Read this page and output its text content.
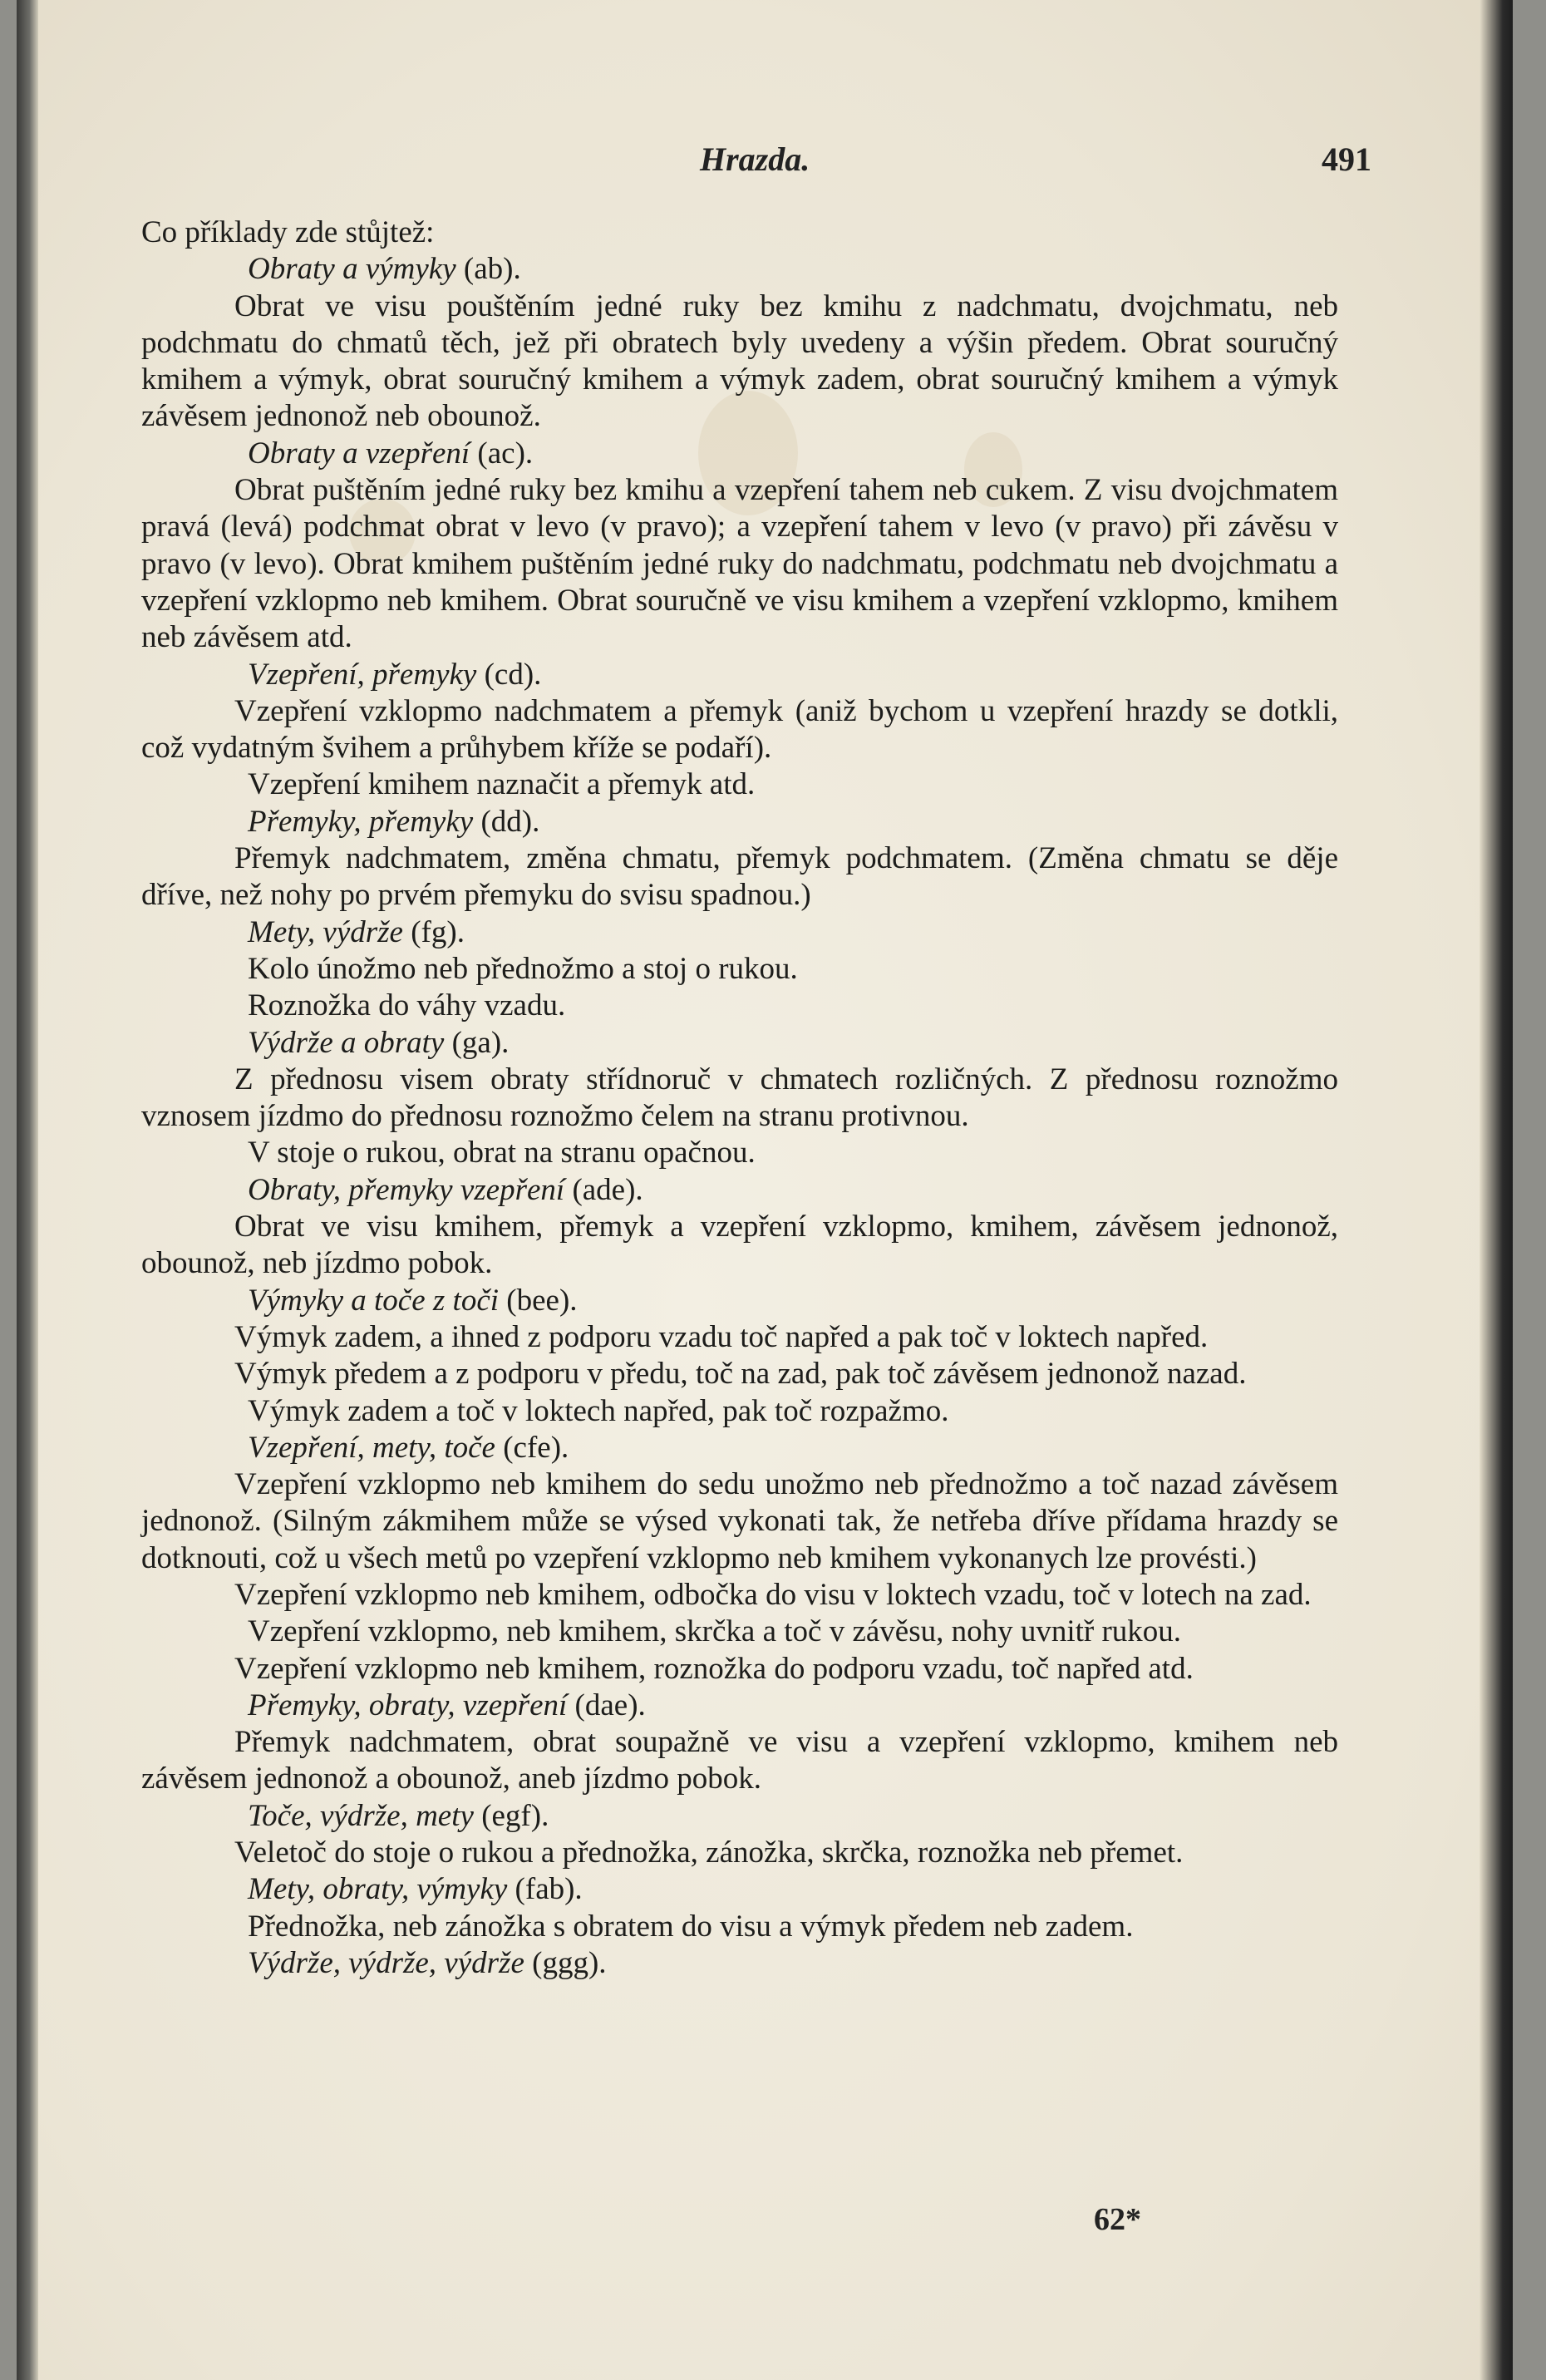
Hrazda.	491

Co příklady zde stůjtež:

Obraty a výmyky (ab).

Obrat ve visu pouštěním jedné ruky bez kmihu z nadchmatu, dvojchmatu, neb podchmatu do chmatů těch, jež při obratech byly uvedeny a výšin předem. Obrat souručný kmihem a výmyk, obrat souručný kmihem a výmyk zadem, obrat souručný kmihem a výmyk závěsem jednonož neb obounož.

Obraty a vzepření (ac).

Obrat puštěním jedné ruky bez kmihu a vzepření tahem neb cukem. Z visu dvojchmatem pravá (levá) podchmat obrat v levo (v pravo); a vzepření tahem v levo (v pravo) při závěsu v pravo (v levo). Obrat kmihem puštěním jedné ruky do nadchmatu, podchmatu neb dvojchmatu a vzepření vzklopmo neb kmihem. Obrat souručně ve visu kmihem a vzepření vzklopmo, kmihem neb závěsem atd.

Vzepření, přemyky (cd).

Vzepření vzklopmo nadchmatem a přemyk (aniž bychom u vzepření hrazdy se dotkli, což vydatným švihem a průhybem kříže se podaří).

Vzepření kmihem naznačit a přemyk atd.

Přemyky, přemyky (dd).

Přemyk nadchmatem, změna chmatu, přemyk podchmatem. (Změna chmatu se děje dříve, než nohy po prvém přemyku do svisu spadnou.)

Mety, výdrže (fg).

Kolo únožmo neb přednožmo a stoj o rukou.

Roznožka do váhy vzadu.

Výdrže a obraty (ga).

Z přednosu visem obraty střídnoruč v chmatech rozličných. Z přednosu roznožmo vznosem jízdmo do přednosu roznožmo čelem na stranu protivnou.

V stoje o rukou, obrat na stranu opačnou.

Obraty, přemyky vzepření (ade).

Obrat ve visu kmihem, přemyk a vzepření vzklopmo, kmihem, závěsem jednonož, obounož, neb jízdmo pobok.

Výmyky a toče z toči (bee).

Výmyk zadem, a ihned z podporu vzadu toč napřed a pak toč v loktech napřed.

Výmyk předem a z podporu v předu, toč na zad, pak toč závěsem jednonož nazad.

Výmyk zadem a toč v loktech napřed, pak toč rozpažmo.

Vzepření, mety, toče (cfe).

Vzepření vzklopmo neb kmihem do sedu unožmo neb přednožmo a toč nazad závěsem jednonož. (Silným zákmihem může se výsed vykonati tak, že netřeba dříve přídama hrazdy se dotknouti, což u všech metů po vzepření vzklopmo neb kmihem vykonanych lze provésti.)

Vzepření vzklopmo neb kmihem, odbočka do visu v loktech vzadu, toč v lotech na zad.

Vzepření vzklopmo, neb kmihem, skrčka a toč v závěsu, nohy uvnitř rukou.

Vzepření vzklopmo neb kmihem, roznožka do podporu vzadu, toč napřed atd.

Přemyky, obraty, vzepření (dae).

Přemyk nadchmatem, obrat soupažně ve visu a vzepření vzklopmo, kmihem neb závěsem jednonož a obounož, aneb jízdmo pobok.

Toče, výdrže, mety (egf).

Veletoč do stoje o rukou a přednožka, zánožka, skrčka, roznožka neb přemet.

Mety, obraty, výmyky (fab).

Přednožka, neb zánožka s obratem do visu a výmyk předem neb zadem.

Výdrže, výdrže, výdrže (ggg).

62*
